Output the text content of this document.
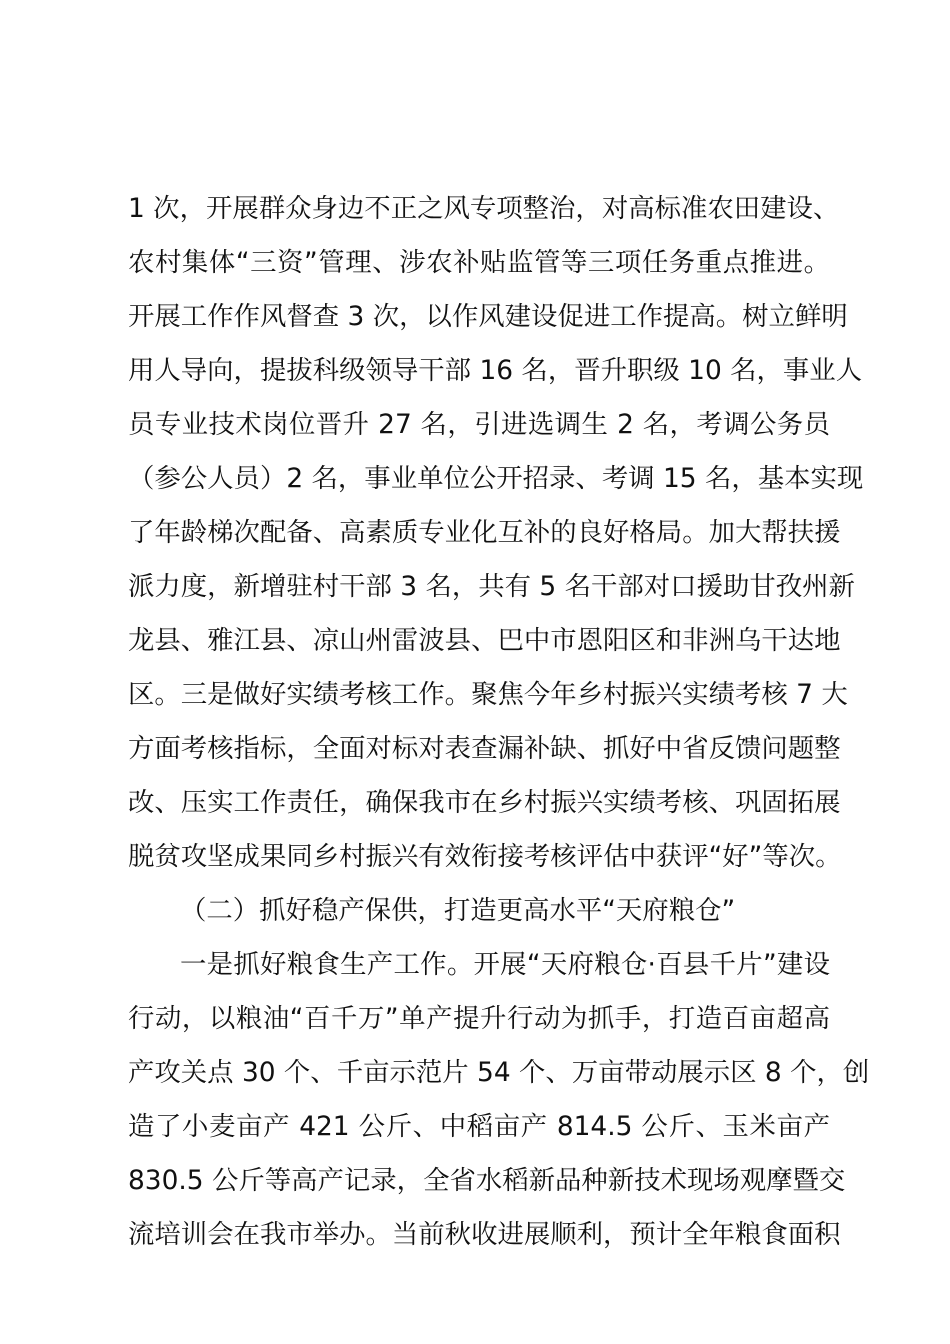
1 次，开展群众身边不正之风专项整治，对高标准农田建设、
农村集体“三资”管理、涉农补贴监管等三项任务重点推进。
开展工作作风督查 3 次，以作风建设促进工作提高。树立鲜明
用人导向，提拔科级领导干部 16 名，晋升职级 10 名，事业人
员专业技术岗位晋升 27 名，引进选调生 2 名，考调公务员
（参公人员）2 名，事业单位公开招录、考调 15 名，基本实现
了年龄梯次配备、高素质专业化互补的良好格局。加大帮扶援
派力度，新增驻村干部 3 名，共有 5 名干部对口援助甘孜州新
龙县、雅江县、凉山州雷波县、巴中市恩阳区和非洲乌干达地
区。三是做好实绩考核工作。聚焦今年乡村振兴实绩考核 7 大
方面考核指标，全面对标对表查漏补缺、抓好中省反馈问题整
改、压实工作责任，确保我市在乡村振兴实绩考核、巩固拓展
脱贫攻坚成果同乡村振兴有效衔接考核评估中获评“好”等次。
（二）抓好稳产保供，打造更高水平“天府粮仓”
一是抓好粮食生产工作。开展“天府粮仓·百县千片”建设
行动，以粮油“百千万”单产提升行动为抓手，打造百亩超高
产攻关点 30 个、千亩示范片 54 个、万亩带动展示区 8 个，创
造了小麦亩产 421 公斤、中稻亩产 814.5 公斤、玉米亩产
830.5 公斤等高产记录，全省水稻新品种新技术现场观摩暨交
流培训会在我市举办。当前秋收进展顺利，预计全年粮食面积
